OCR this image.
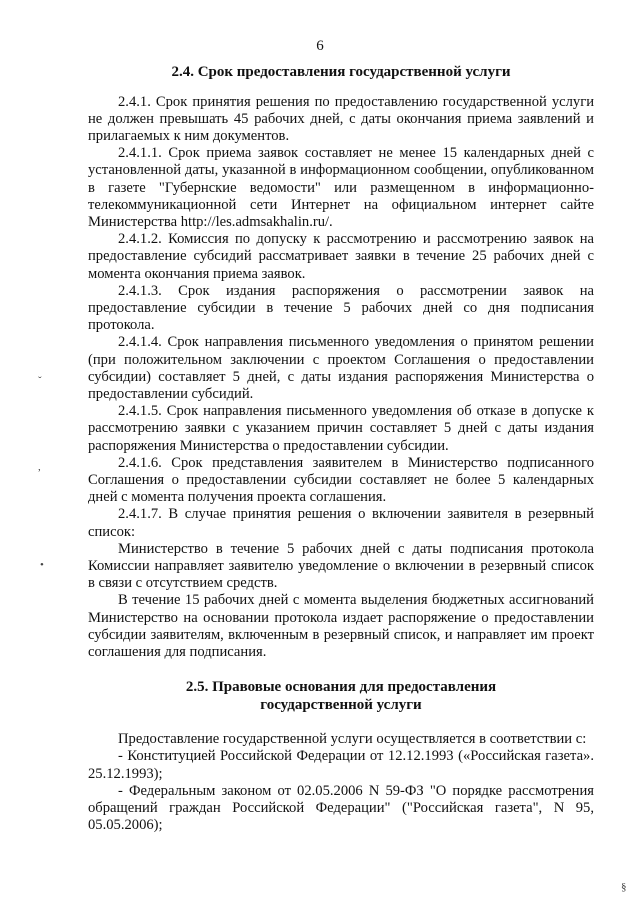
6
2.4. Срок предоставления государственной услуги

2.4.1. Срок принятия решения по предоставлению государственной услуги не должен превышать 45 рабочих дней, с даты окончания приема заявлений и прилагаемых к ним документов.

2.4.1.1. Срок приема заявок составляет не менее 15 календарных дней с установленной даты, указанной в информационном сообщении, опубликованном в газете "Губернские ведомости" или размещенном в информационно-телекоммуникационной сети Интернет на официальном интернет сайте Министерства http://les.admsakhalin.ru/.

2.4.1.2. Комиссия по допуску к рассмотрению и рассмотрению заявок на предоставление субсидий рассматривает заявки в течение 25 рабочих дней с момента окончания приема заявок.

2.4.1.3. Срок издания распоряжения о рассмотрении заявок на предоставление субсидии в течение 5 рабочих дней со дня подписания протокола.

2.4.1.4. Срок направления письменного уведомления о принятом решении (при положительном заключении с проектом Соглашения о предоставлении субсидии) составляет 5 дней, с даты издания распоряжения Министерства о предоставлении субсидий.

2.4.1.5. Срок направления письменного уведомления об отказе в допуске к рассмотрению заявки с указанием причин составляет 5 дней с даты издания распоряжения Министерства о предоставлении субсидии.

2.4.1.6. Срок представления заявителем в Министерство подписанного Соглашения о предоставлении субсидии составляет не более 5 календарных дней с момента получения проекта соглашения.

2.4.1.7. В случае принятия решения о включении заявителя в резервный список:

Министерство в течение 5 рабочих дней с даты подписания протокола Комиссии направляет заявителю уведомление о включении в резервный список в связи с отсутствием средств.

В течение 15 рабочих дней с момента выделения бюджетных ассигнований Министерство на основании протокола издает распоряжение о предоставлении субсидии заявителям, включенным в резервный список, и направляет им проект соглашения для подписания.

2.5. Правовые основания для предоставления
государственной услуги

Предоставление государственной услуги осуществляется в соответствии с:

- Конституцией Российской Федерации от 12.12.1993 («Российская газета». 25.12.1993);

- Федеральным законом от 02.05.2006 N 59-ФЗ "О порядке рассмотрения обращений граждан Российской Федерации" ("Российская газета", N 95, 05.05.2006);

ˇ
,
•
§
